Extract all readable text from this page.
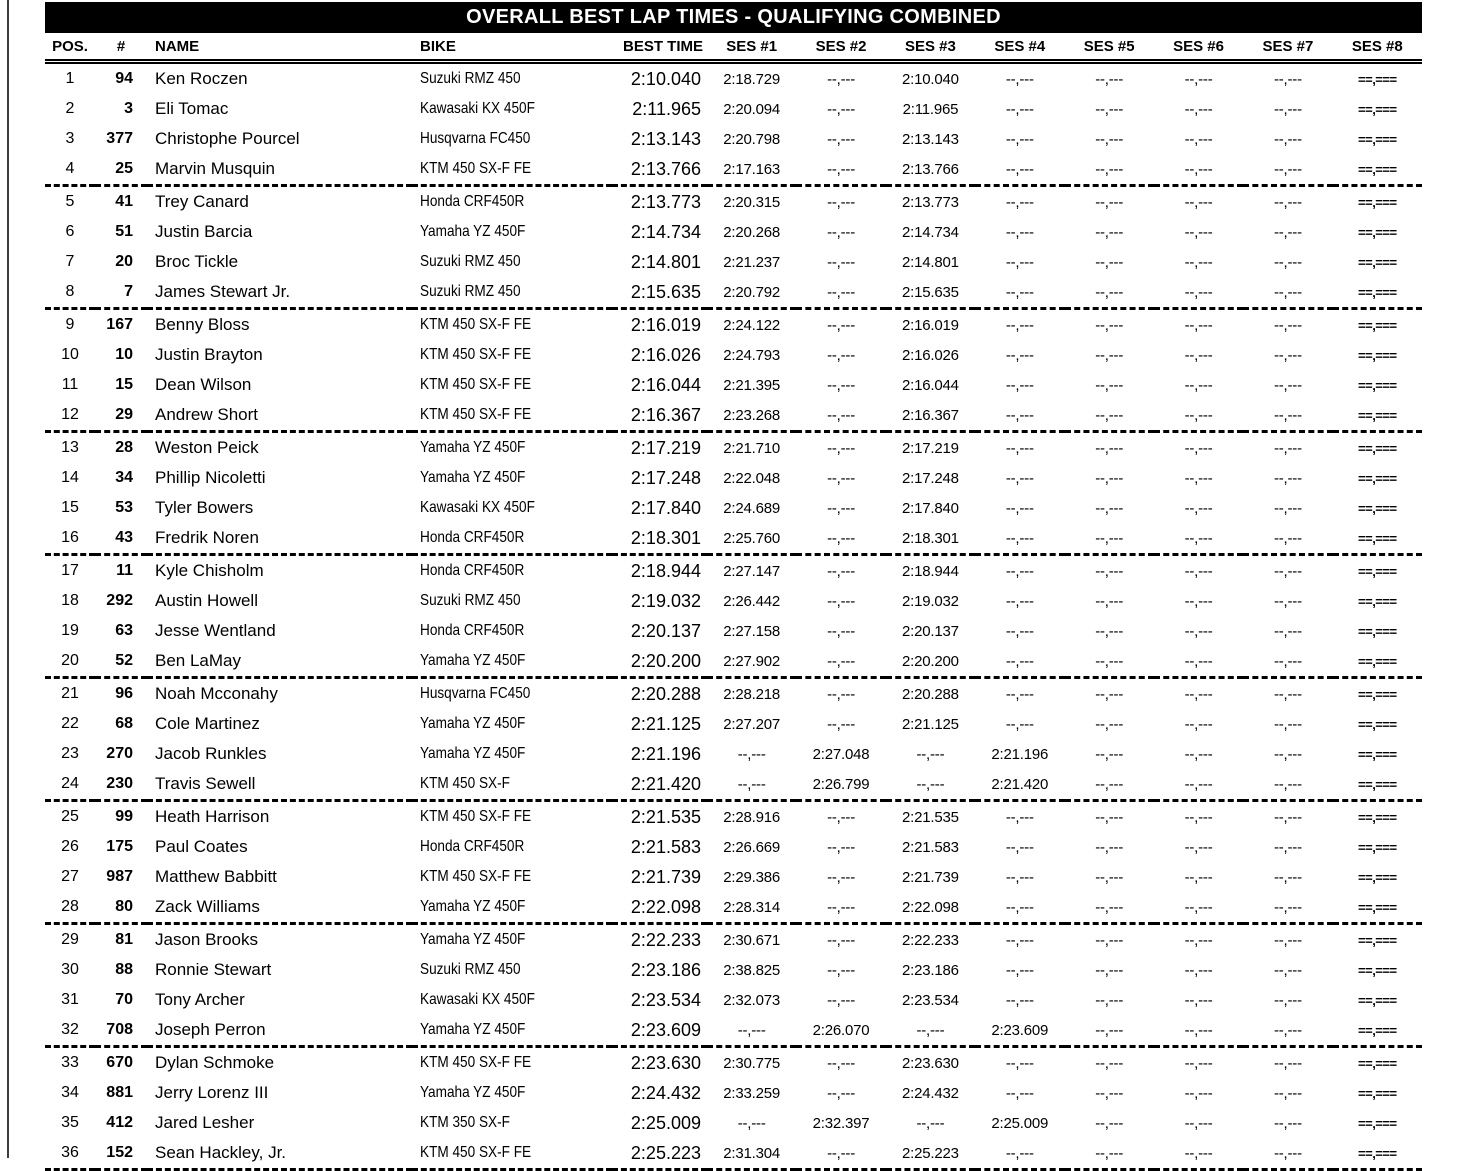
OVERALL BEST LAP TIMES - QUALIFYING COMBINED
POS.	#	NAME	BIKE	BEST TIME	SES #1	SES #2	SES #3	SES #4	SES #5	SES #6	SES #7	SES #8
1	94	Ken Roczen	Suzuki RMZ 450	2:10.040	2:18.729	--,---	2:10.040	--,---	--,---	--,---	--,---	==,===
2	3	Eli Tomac	Kawasaki KX 450F	2:11.965	2:20.094	--,---	2:11.965	--,---	--,---	--,---	--,---	==,===
3	377	Christophe Pourcel	Husqvarna FC450	2:13.143	2:20.798	--,---	2:13.143	--,---	--,---	--,---	--,---	==,===
4	25	Marvin Musquin	KTM 450 SX-F FE	2:13.766	2:17.163	--,---	2:13.766	--,---	--,---	--,---	--,---	==,===
5	41	Trey Canard	Honda CRF450R	2:13.773	2:20.315	--,---	2:13.773	--,---	--,---	--,---	--,---	==,===
6	51	Justin Barcia	Yamaha YZ 450F	2:14.734	2:20.268	--,---	2:14.734	--,---	--,---	--,---	--,---	==,===
7	20	Broc Tickle	Suzuki RMZ 450	2:14.801	2:21.237	--,---	2:14.801	--,---	--,---	--,---	--,---	==,===
8	7	James Stewart Jr.	Suzuki RMZ 450	2:15.635	2:20.792	--,---	2:15.635	--,---	--,---	--,---	--,---	==,===
9	167	Benny Bloss	KTM 450 SX-F FE	2:16.019	2:24.122	--,---	2:16.019	--,---	--,---	--,---	--,---	==,===
10	10	Justin Brayton	KTM 450 SX-F FE	2:16.026	2:24.793	--,---	2:16.026	--,---	--,---	--,---	--,---	==,===
11	15	Dean Wilson	KTM 450 SX-F FE	2:16.044	2:21.395	--,---	2:16.044	--,---	--,---	--,---	--,---	==,===
12	29	Andrew Short	KTM 450 SX-F FE	2:16.367	2:23.268	--,---	2:16.367	--,---	--,---	--,---	--,---	==,===
13	28	Weston Peick	Yamaha YZ 450F	2:17.219	2:21.710	--,---	2:17.219	--,---	--,---	--,---	--,---	==,===
14	34	Phillip Nicoletti	Yamaha YZ 450F	2:17.248	2:22.048	--,---	2:17.248	--,---	--,---	--,---	--,---	==,===
15	53	Tyler Bowers	Kawasaki KX 450F	2:17.840	2:24.689	--,---	2:17.840	--,---	--,---	--,---	--,---	==,===
16	43	Fredrik Noren	Honda CRF450R	2:18.301	2:25.760	--,---	2:18.301	--,---	--,---	--,---	--,---	==,===
17	11	Kyle Chisholm	Honda CRF450R	2:18.944	2:27.147	--,---	2:18.944	--,---	--,---	--,---	--,---	==,===
18	292	Austin Howell	Suzuki RMZ 450	2:19.032	2:26.442	--,---	2:19.032	--,---	--,---	--,---	--,---	==,===
19	63	Jesse Wentland	Honda CRF450R	2:20.137	2:27.158	--,---	2:20.137	--,---	--,---	--,---	--,---	==,===
20	52	Ben LaMay	Yamaha YZ 450F	2:20.200	2:27.902	--,---	2:20.200	--,---	--,---	--,---	--,---	==,===
21	96	Noah Mcconahy	Husqvarna FC450	2:20.288	2:28.218	--,---	2:20.288	--,---	--,---	--,---	--,---	==,===
22	68	Cole Martinez	Yamaha YZ 450F	2:21.125	2:27.207	--,---	2:21.125	--,---	--,---	--,---	--,---	==,===
23	270	Jacob Runkles	Yamaha YZ 450F	2:21.196	--,---	2:27.048	--,---	2:21.196	--,---	--,---	--,---	==,===
24	230	Travis Sewell	KTM 450 SX-F	2:21.420	--,---	2:26.799	--,---	2:21.420	--,---	--,---	--,---	==,===
25	99	Heath Harrison	KTM 450 SX-F FE	2:21.535	2:28.916	--,---	2:21.535	--,---	--,---	--,---	--,---	==,===
26	175	Paul Coates	Honda CRF450R	2:21.583	2:26.669	--,---	2:21.583	--,---	--,---	--,---	--,---	==,===
27	987	Matthew Babbitt	KTM 450 SX-F FE	2:21.739	2:29.386	--,---	2:21.739	--,---	--,---	--,---	--,---	==,===
28	80	Zack Williams	Yamaha YZ 450F	2:22.098	2:28.314	--,---	2:22.098	--,---	--,---	--,---	--,---	==,===
29	81	Jason Brooks	Yamaha YZ 450F	2:22.233	2:30.671	--,---	2:22.233	--,---	--,---	--,---	--,---	==,===
30	88	Ronnie Stewart	Suzuki RMZ 450	2:23.186	2:38.825	--,---	2:23.186	--,---	--,---	--,---	--,---	==,===
31	70	Tony Archer	Kawasaki KX 450F	2:23.534	2:32.073	--,---	2:23.534	--,---	--,---	--,---	--,---	==,===
32	708	Joseph Perron	Yamaha YZ 450F	2:23.609	--,---	2:26.070	--,---	2:23.609	--,---	--,---	--,---	==,===
33	670	Dylan Schmoke	KTM 450 SX-F FE	2:23.630	2:30.775	--,---	2:23.630	--,---	--,---	--,---	--,---	==,===
34	881	Jerry Lorenz III	Yamaha YZ 450F	2:24.432	2:33.259	--,---	2:24.432	--,---	--,---	--,---	--,---	==,===
35	412	Jared Lesher	KTM 350 SX-F	2:25.009	--,---	2:32.397	--,---	2:25.009	--,---	--,---	--,---	==,===
36	152	Sean Hackley, Jr.	KTM 450 SX-F FE	2:25.223	2:31.304	--,---	2:25.223	--,---	--,---	--,---	--,---	==,===
